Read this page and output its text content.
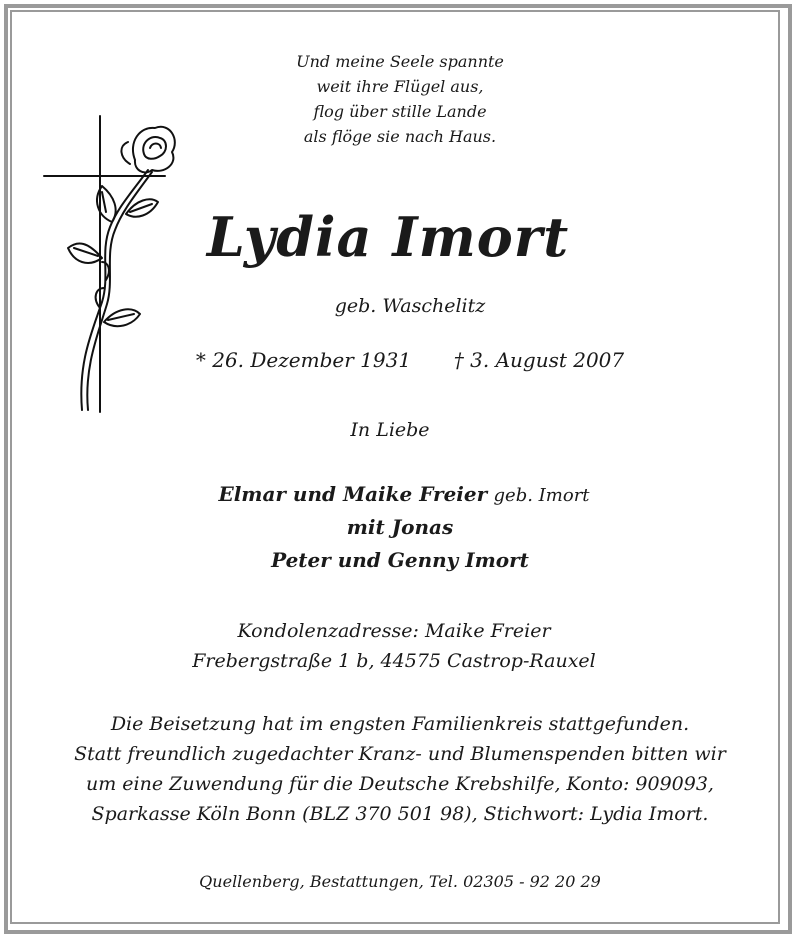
Und meine Seele spannte
weit ihre Flügel aus,
flog über stille Lande
als flöge sie nach Haus.
Lydia Imort
geb. Waschelitz
* 26. Dezember 1931 † 3. August 2007
In Liebe
Elmar und Maike Freier geb. Imort
mit Jonas
Peter und Genny Imort
Kondolenzadresse: Maike Freier
Frebergstraße 1 b, 44575 Castrop-Rauxel
Die Beisetzung hat im engsten Familienkreis stattgefunden.
Statt freundlich zugedachter Kranz- und Blumenspenden bitten wir
um eine Zuwendung für die Deutsche Krebshilfe, Konto: 909093,
Sparkasse Köln Bonn (BLZ 370 501 98), Stichwort: Lydia Imort.
Quellenberg, Bestattungen, Tel. 02305 - 92 20 29
